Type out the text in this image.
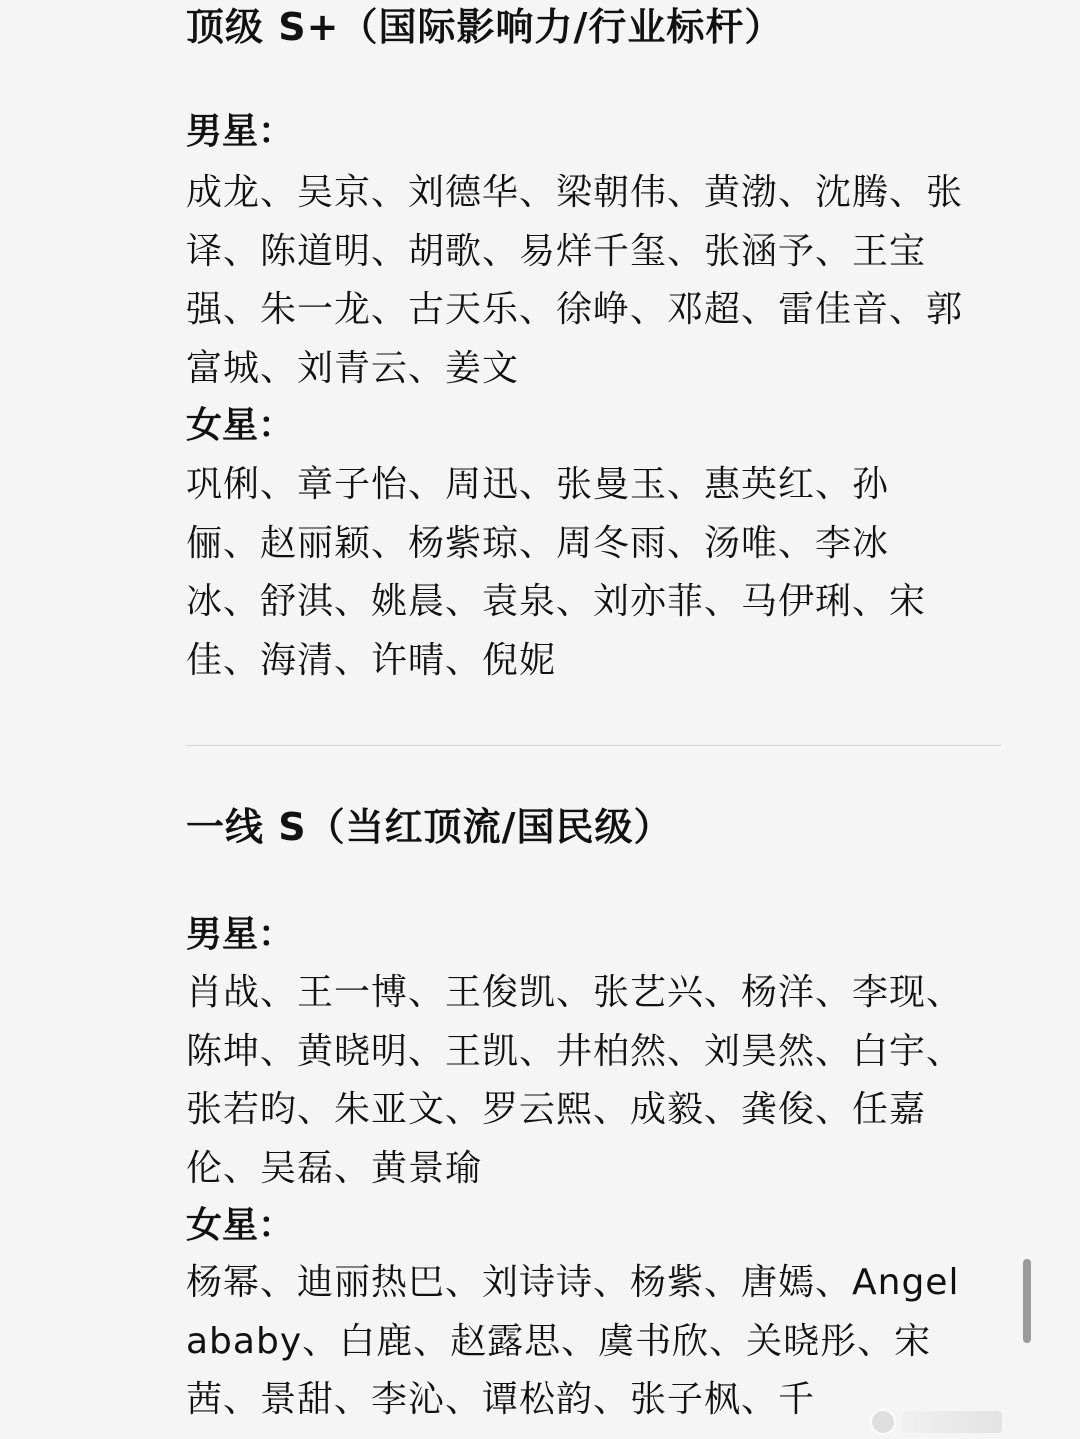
顶级 S+（国际影响力/行业标杆）

男星：

成龙、吴京、刘德华、梁朝伟、黄渤、沈腾、张译、陈道明、胡歌、易烊千玺、张涵予、王宝强、朱一龙、古天乐、徐峥、邓超、雷佳音、郭富城、刘青云、姜文

女星：

巩俐、章子怡、周迅、张曼玉、惠英红、孙俪、赵丽颖、杨紫琼、周冬雨、汤唯、李冰冰、舒淇、姚晨、袁泉、刘亦菲、马伊琍、宋佳、海清、许晴、倪妮

一线 S（当红顶流/国民级）

男星：

肖战、王一博、王俊凯、张艺兴、杨洋、李现、陈坤、黄晓明、王凯、井柏然、刘昊然、白宇、张若昀、朱亚文、罗云熙、成毅、龚俊、任嘉伦、吴磊、黄景瑜

女星：

杨幂、迪丽热巴、刘诗诗、杨紫、唐嫣、Angelababy、白鹿、赵露思、虞书欣、关晓彤、宋茜、景甜、李沁、谭松韵、张子枫、千
